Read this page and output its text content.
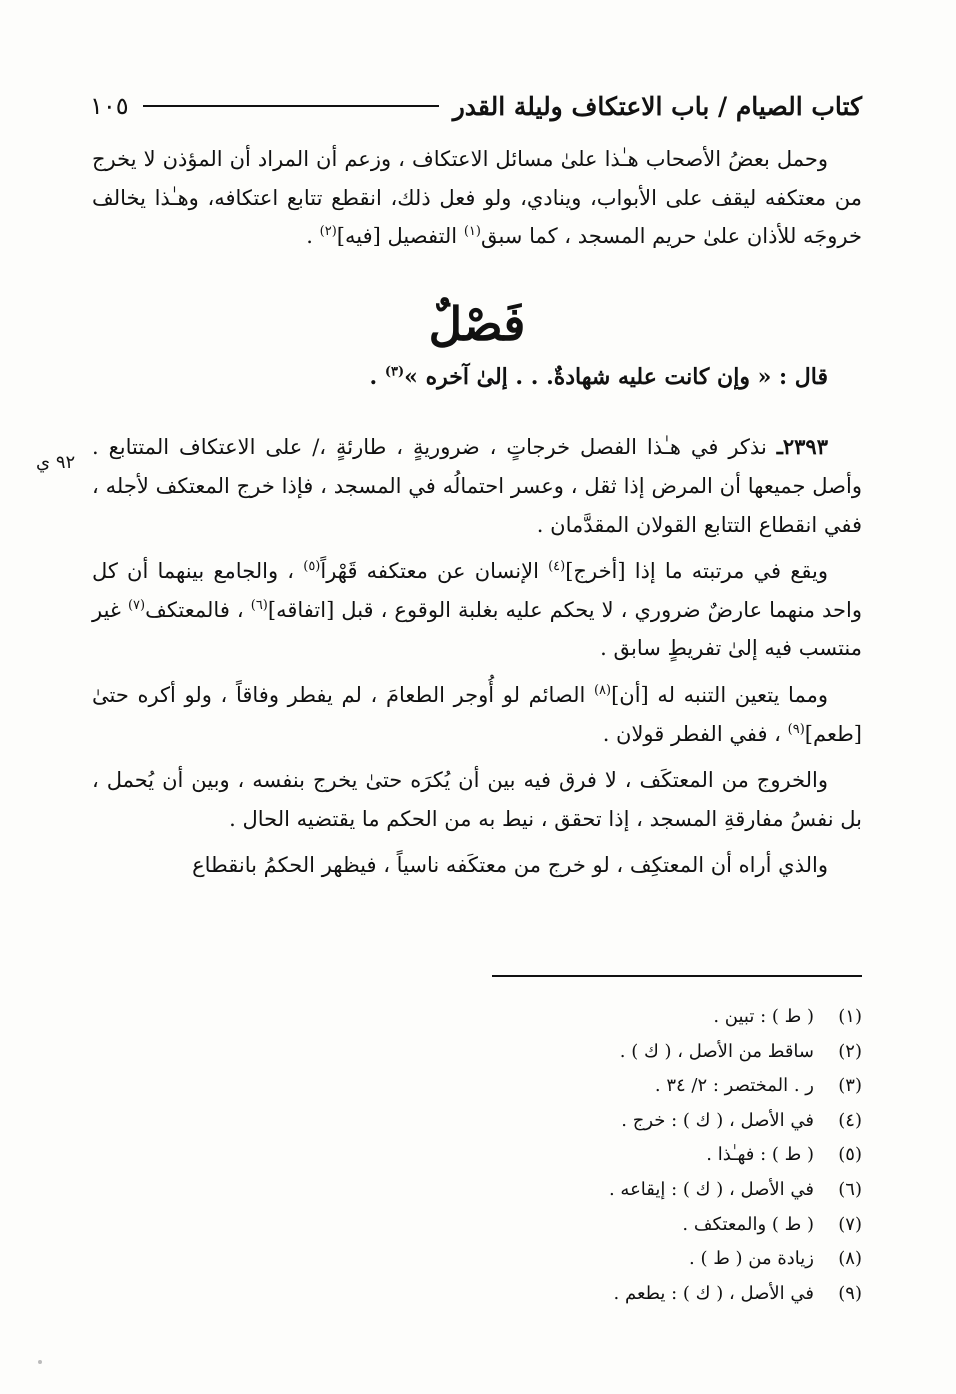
كتاب الصيام / باب الاعتكاف وليلة القدر
١٠٥
٩٢ ي

وحمل بعضُ الأصحاب هـٰذا علىٰ مسائل الاعتكاف ، وزعم أن المراد أن المؤذن لا يخرج من معتكفه ليقف على الأبواب، وينادي، ولو فعل ذلك، انقطع تتابع اعتكافه، وهـٰذا يخالف خروجَه للأذان علىٰ حريم المسجد ، كما سبق$^{(١)}$ التفصيل [فيه]$^{(٢)}$ .

فَصْلٌ

قال : « وإن كانت عليه شهادةٌ. . . إلىٰ آخره »$^{(٣)}$ .

٢٣٩٣ـ نذكر في هـٰذا الفصل خرجاتٍ ، ضروريةٍ ، طارئةٍ ،/ على الاعتكاف المتتابع . وأصل جميعها أن المرض إذا ثقل ، وعسر احتمالُه في المسجد ، فإذا خرج المعتكف لأجله ، ففي انقطاع التتابع القولان المقدَّمان .

ويقع في مرتبته ما إذا [أخرج]$^{(٤)}$ الإنسان عن معتكفه قَهْراً$^{(٥)}$ ، والجامع بينهما أن كل واحد منهما عارضٌ ضروري ، لا يحكم عليه بغلبة الوقوع ، قبل [اتفاقه]$^{(٦)}$ ، فالمعتكف$^{(٧)}$ غير منتسب فيه إلىٰ تفريطٍ سابق .

ومما يتعين التنبه له [أن]$^{(٨)}$ الصائم لو أُوجر الطعامَ ، لم يفطر وفاقاً ، ولو أكره حتىٰ [طعم]$^{(٩)}$ ، ففي الفطر قولان .

والخروج من المعتكَف ، لا فرق فيه بين أن يُكرَه حتىٰ يخرج بنفسه ، وبين أن يُحمل ، بل نفسُ مفارقةِ المسجد ، إذا تحقق ، نيط به من الحكم ما يقتضيه الحال .

والذي أراه أن المعتكِف ، لو خرج من معتكَفه ناسياً ، فيظهر الحكمُ بانقطاع

(١)
( ط ) : تبين .
(٢)
ساقط من الأصل ، ( ك ) .
(٣)
ر . المختصر : ٢/ ٣٤ .
(٤)
في الأصل ، ( ك ) : خرج .
(٥)
( ط ) : فهـٰذا .
(٦)
في الأصل ، ( ك ) : إيقاعه .
(٧)
( ط ) والمعتكف .
(٨)
زيادة من ( ط ) .
(٩)
في الأصل ، ( ك ) : يطعم .
